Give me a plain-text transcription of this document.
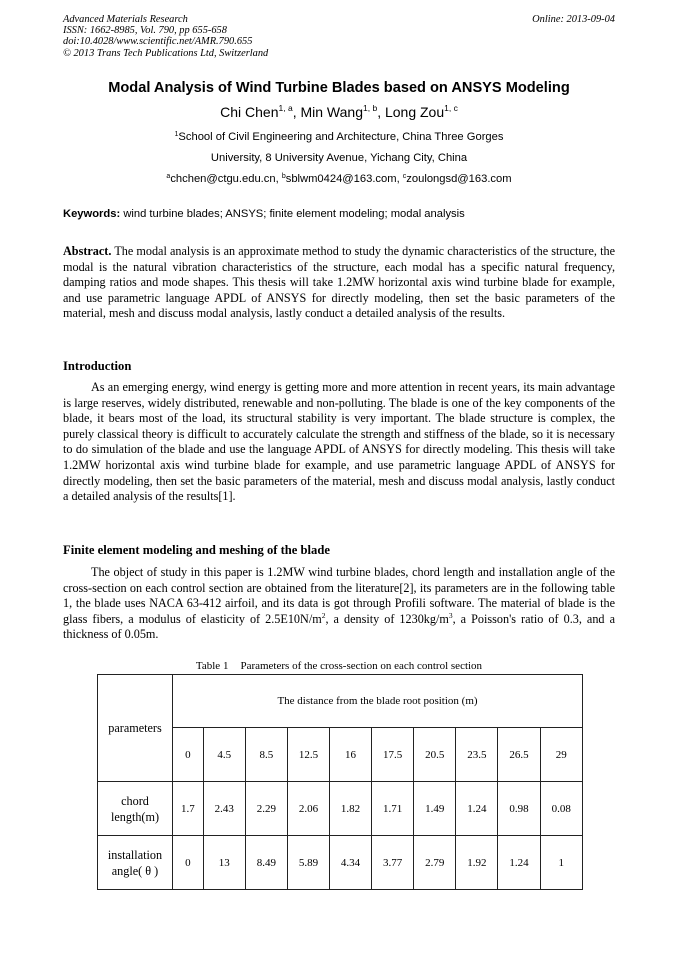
Advanced Materials Research
ISSN: 1662-8985, Vol. 790, pp 655-658
doi:10.4028/www.scientific.net/AMR.790.655
© 2013 Trans Tech Publications Ltd, Switzerland
Online: 2013-09-04
Modal Analysis of Wind Turbine Blades based on ANSYS Modeling
Chi Chen$^{1, a}$, Min Wang$^{1, b}$, Long Zou$^{1, c}$
$^1$School of Civil Engineering and Architecture, China Three Gorges
University, 8 University Avenue, Yichang City, China
$^a$chchen@ctgu.edu.cn, $^b$sblwm0424@163.com, $^c$zoulongsd@163.com
Keywords: wind turbine blades; ANSYS; finite element modeling; modal analysis
Abstract. The modal analysis is an approximate method to study the dynamic characteristics of the structure, the modal is the natural vibration characteristics of the structure, each modal has a specific natural frequency, damping ratios and mode shapes. This thesis will take 1.2MW horizontal axis wind turbine blade for example, and use parametric language APDL of ANSYS for directly modeling, then set the basic parameters of the material, mesh and discuss modal analysis, lastly conduct a detailed analysis of the results.
Introduction
As an emerging energy, wind energy is getting more and more attention in recent years, its main advantage is large reserves, widely distributed, renewable and non-polluting. The blade is one of the key components of the blade, it bears most of the load, its structural stability is very important. The blade structure is complex, the purely classical theory is difficult to accurately calculate the strength and stiffness of the blade, so it is necessary to do simulation of the blade and use the language APDL of ANSYS for directly modeling. This thesis will take 1.2MW horizontal axis wind turbine blade for example, and use parametric language APDL of ANSYS for directly modeling, then set the basic parameters of the material, mesh and discuss modal analysis, lastly conduct a detailed analysis of the results[1].
Finite element modeling and meshing of the blade
The object of study in this paper is 1.2MW wind turbine blades, chord length and installation angle of the cross-section on each control section are obtained from the literature[2], its parameters are in the following table 1, the blade uses NACA 63-412 airfoil, and its data is got through Profili software. The material of blade is the glass fibers, a modulus of elasticity of $2.5E10N/m^2$, a density of $1230kg/m^3$, a Poisson's ratio of 0.3, and a thickness of 0.05m.
Table 1 Parameters of the cross-section on each control section
parameters	The distance from the blade root position (m)									
	0	4.5	8.5	12.5	16	17.5	20.5	23.5	26.5	29
chord
length(m)	1.7	2.43	2.29	2.06	1.82	1.71	1.49	1.24	0.98	0.08
installation
angle( θ )	0	13	8.49	5.89	4.34	3.77	2.79	1.92	1.24	1
